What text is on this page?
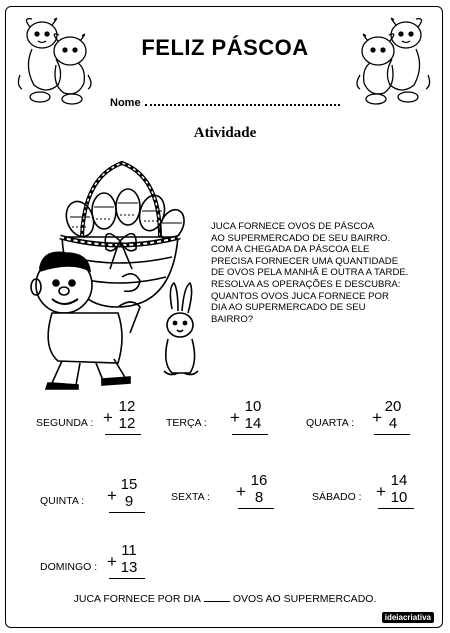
FELIZ PÁSCOA
Nome
Atividade
JUCA FORNECE OVOS DE PÁSCOA
AO SUPERMERCADO DE SEU BAIRRO.
COM A CHEGADA DA PÁSCOA ELE
PRECISA FORNECER UMA QUANTIDADE
DE OVOS PELA MANHÃ E OUTRA A TARDE.
RESOLVA AS OPERAÇÕES E DESCUBRA:
QUANTOS OVOS JUCA FORNECE POR
DIA AO SUPERMERCADO DE SEU
BAIRRO?
SEGUNDA : +
12
12	TERÇA : +
10
14	QUARTA : +
20
4
QUINTA : +
15
9	SEXTA : +
16
8	SÁBADO : +
14
10
DOMINGO : +
11
13
JUCA FORNECE POR DIA	OVOS AO SUPERMERCADO.
ideiacriativa
